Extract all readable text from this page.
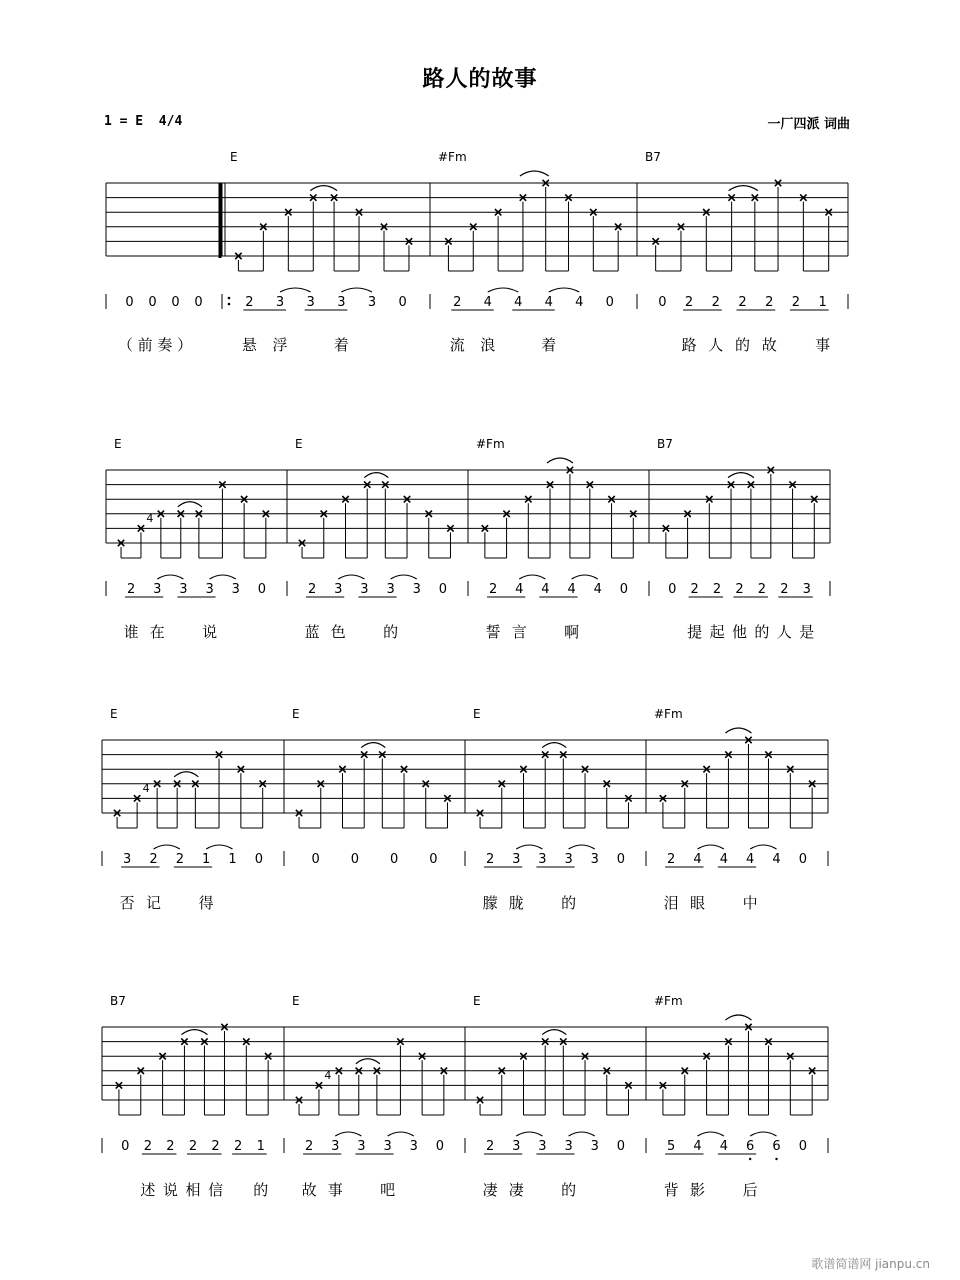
路人的故事
1 = E  4/4	一厂四派 词曲
0 0 0 0
E
2 3 3 3 3 0
悬 浮	着
#Fm
2 4 4 4 4 0
流 浪	着
B7
0 2 2 2 2 2 1
路 人 的 故	事
（ 前 奏 ）
E
4
2 3 3 3 3 0
谁 在 说
E
2 3 3 3 3 0
蓝 色 的
#Fm
2 4 4 4 4 0
誓 言 啊
B7
0 2 2 2 2 2 3
提 起 他 的 人 是
E
4
3 2 2 1 1 0
否 记	得
E
0 0 0 0
E
2 3 3 3 3 0
朦 胧 的
#Fm
2 4 4 4 4 0
泪 眼	中
B7
0 2 2 2 2 2 1
述 说 相 信 的
E
4
2 3 3 3 3 0
故 事 吧
E
2 3 3 3 3 0
凄 凄 的
#Fm
5 4 4 6 6 0
背 影	后
歌谱简谱网 jianpu.cn
